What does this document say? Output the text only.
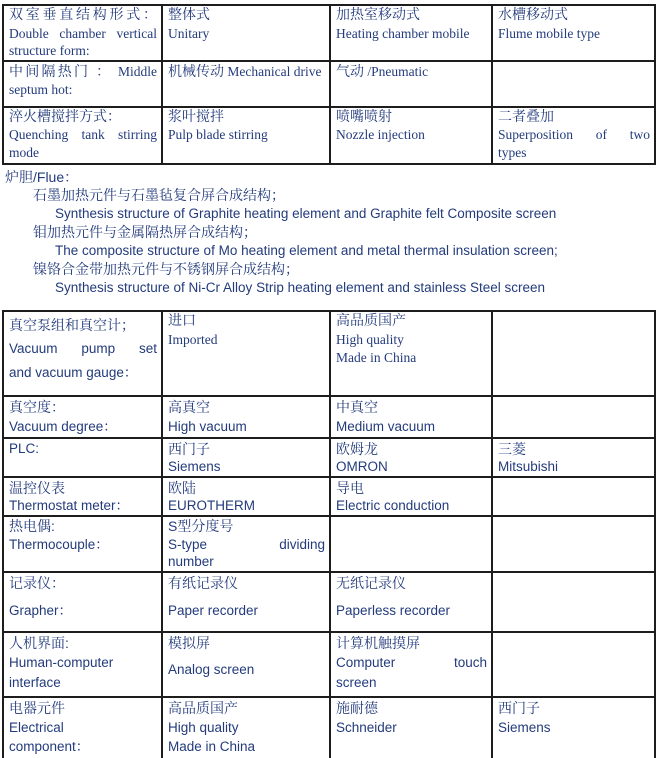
双室垂直结构形式：
Double chamber vertical
structure form:	整体式
Unitary	加热室移动式
Heating chamber mobile	水槽移动式
Flume mobile type

中间隔热门 ： Middle septum hot:	机械传动 Mechanical drive	气动 /Pneumatic	

淬火槽搅拌方式：
Quenching tank stirring
mode	浆叶搅拌
Pulp blade stirring	喷嘴喷射
Nozzle injection	二者叠加
Superposition of two
types
炉胆/Flue：
石墨加热元件与石墨毡复合屏合成结构；
Synthesis structure of Graphite heating element and Graphite felt Composite screen
钼加热元件与金属隔热屏合成结构；
The composite structure of Mo heating element and metal thermal insulation screen;
镍铬合金带加热元件与不锈钢屏合成结构；
Synthesis structure of Ni-Cr Alloy Strip heating element and stainless Steel screen
真空泵组和真空计；
Vacuum pump set
and vacuum gauge：	进口
Imported	高品质国产
High quality
Made in China	

真空度：
Vacuum degree：	高真空
High vacuum	中真空
Medium vacuum	

PLC:	西门子
Siemens	欧姆龙
OMRON	三菱
Mitsubishi

温控仪表
Thermostat meter：	欧陆
EUROTHERM	导电
Electric conduction	

热电偶:
Thermocouple：	S型分度号
S-type dividing
number		

记录仪：
Grapher：	有纸记录仪
Paper recorder	无纸记录仪
Paperless recorder	

人机界面:
Human-computer interface	模拟屏
Analog screen	计算机触摸屏
Computer touch
screen	

电器元件
Electrical
component：	高品质国产
High quality
Made in China	施耐德
Schneider	西门子
Siemens
